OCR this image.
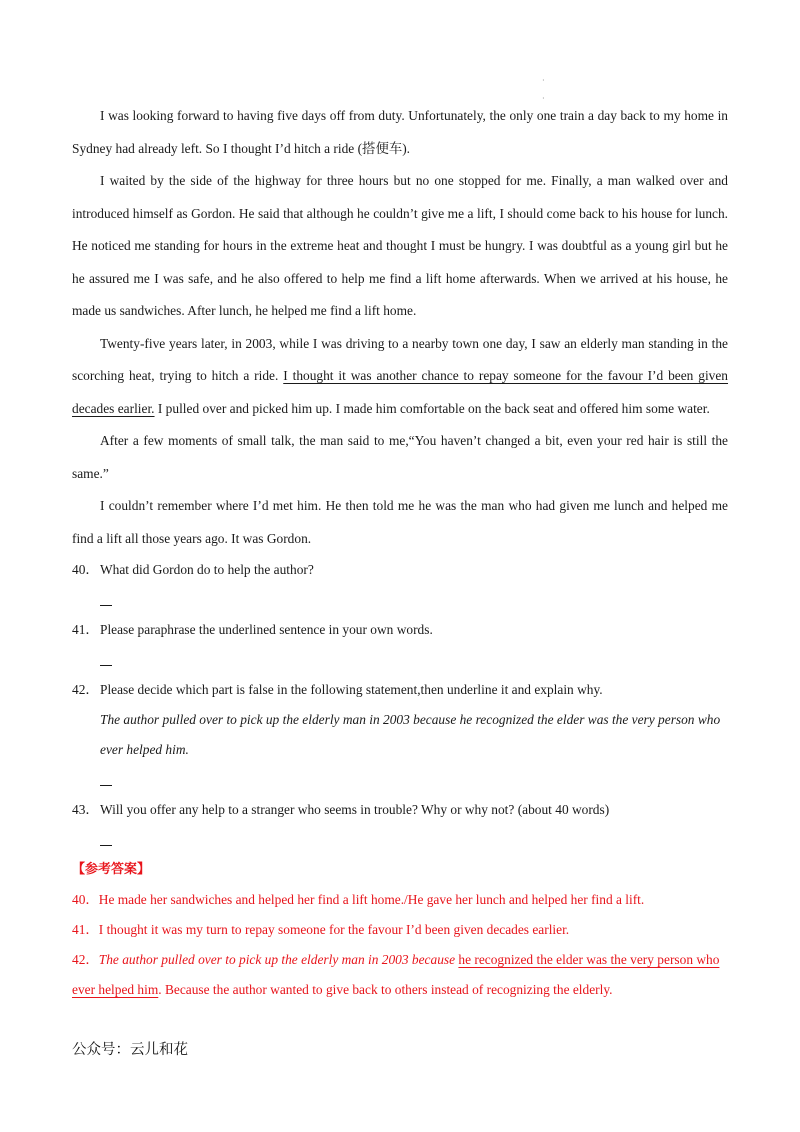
·
·

I was looking forward to having five days off from duty. Unfortunately, the only one train a day back to my home in Sydney had already left. So I thought I’d hitch a ride (搭便车).

I waited by the side of the highway for three hours but no one stopped for me. Finally, a man walked over and introduced himself as Gordon. He said that although he couldn’t give me a lift, I should come back to his house for lunch. He noticed me standing for hours in the extreme heat and thought I must be hungry. I was doubtful as a young girl but he he assured me I was safe, and he also offered to help me find a lift home afterwards. When we arrived at his house, he made us sandwiches. After lunch, he helped me find a lift home.

Twenty-five years later, in 2003, while I was driving to a nearby town one day, I saw an elderly man standing in the scorching heat, trying to hitch a ride. I thought it was another chance to repay someone for the favour I’d been given decades earlier. I pulled over and picked him up. I made him comfortable on the back seat and offered him some water.

After a few moments of small talk, the man said to me,“You haven’t changed a bit, even your red hair is still the same.”

I couldn’t remember where I’d met him. He then told me he was the man who had given me lunch and helped me find a lift all those years ago. It was Gordon.

40．What did Gordon do to help the author?

41．Please paraphrase the underlined sentence in your own words.

42．Please decide which part is false in the following statement,then underline it and explain why.

The author pulled over to pick up the elderly man in 2003 because he recognized the elder was the very person who ever helped him.

43．Will you offer any help to a stranger who seems in trouble? Why or why not? (about 40 words)

【参考答案】

40．He made her sandwiches and helped her find a lift home./He gave her lunch and helped her find a lift.

41．I thought it was my turn to repay someone for the favour I’d been given decades earlier.

42．The author pulled over to pick up the elderly man in 2003 because he recognized the elder was the very person who ever helped him. Because the author wanted to give back to others instead of recognizing the elderly.

公众号：云儿和花
